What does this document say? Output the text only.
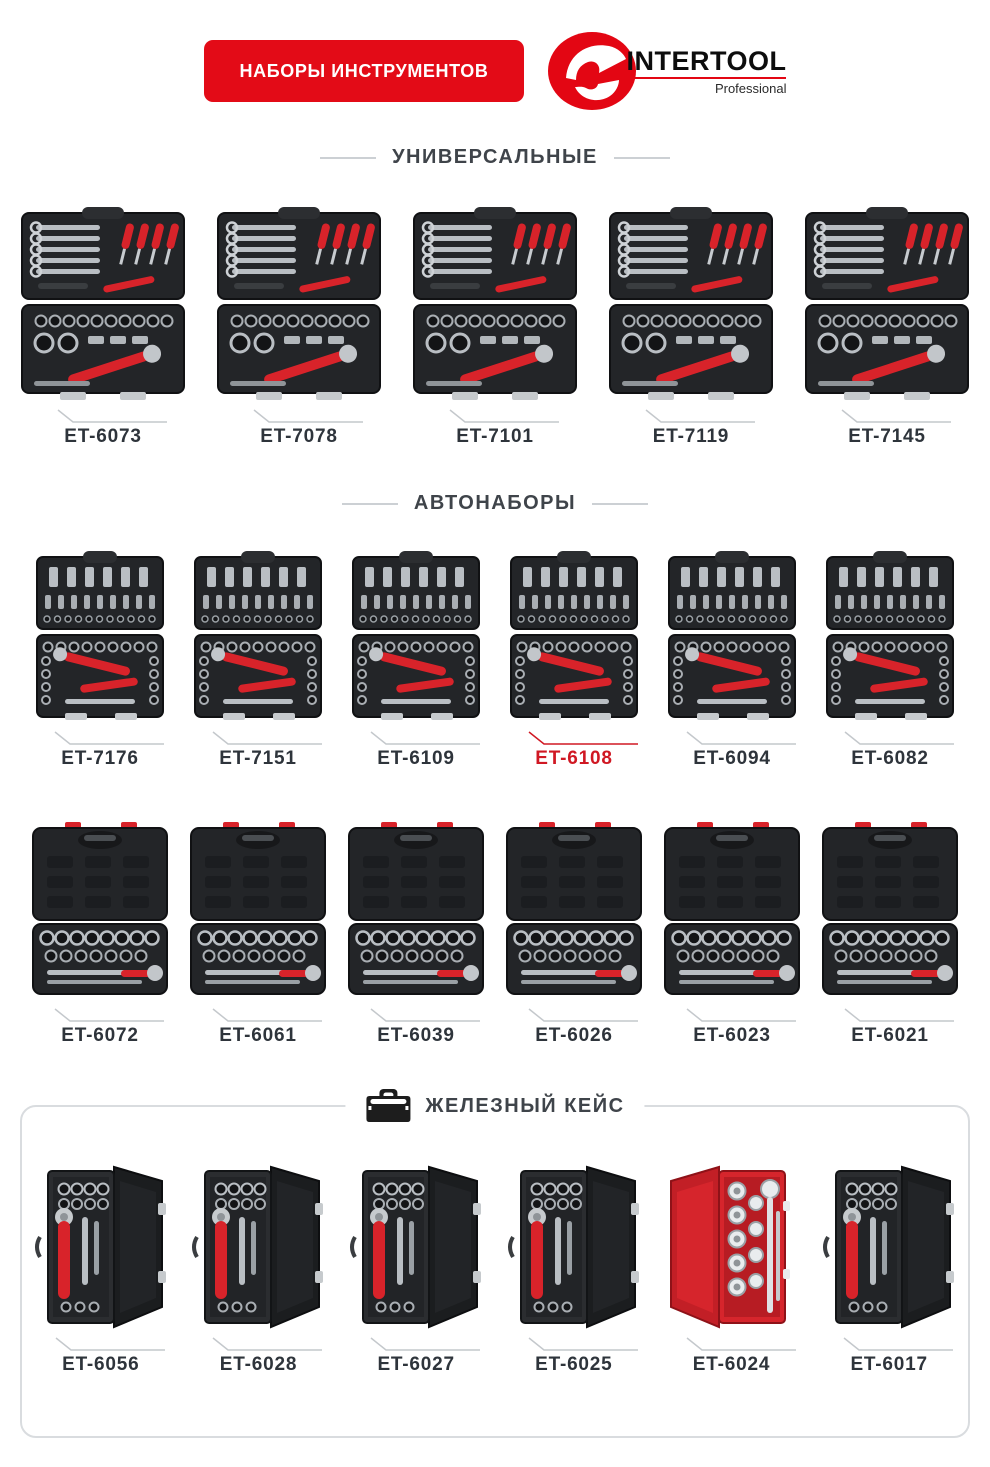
НАБОРЫ ИНСТРУМЕНТОВ	INTERTOOL
Professional
УНИВЕРСАЛЬНЫЕ
ET-6073	ET-7078	ET-7101	ET-7119	ET-7145
АВТОНАБОРЫ
ET-7176	ET-7151	ET-6109	ET-6108	ET-6094	ET-6082
ET-6072	ET-6061	ET-6039	ET-6026	ET-6023	ET-6021
ЖЕЛЕЗНЫЙ КЕЙС
ET-6056	ET-6028	ET-6027	ET-6025	ET-6024	ET-6017
